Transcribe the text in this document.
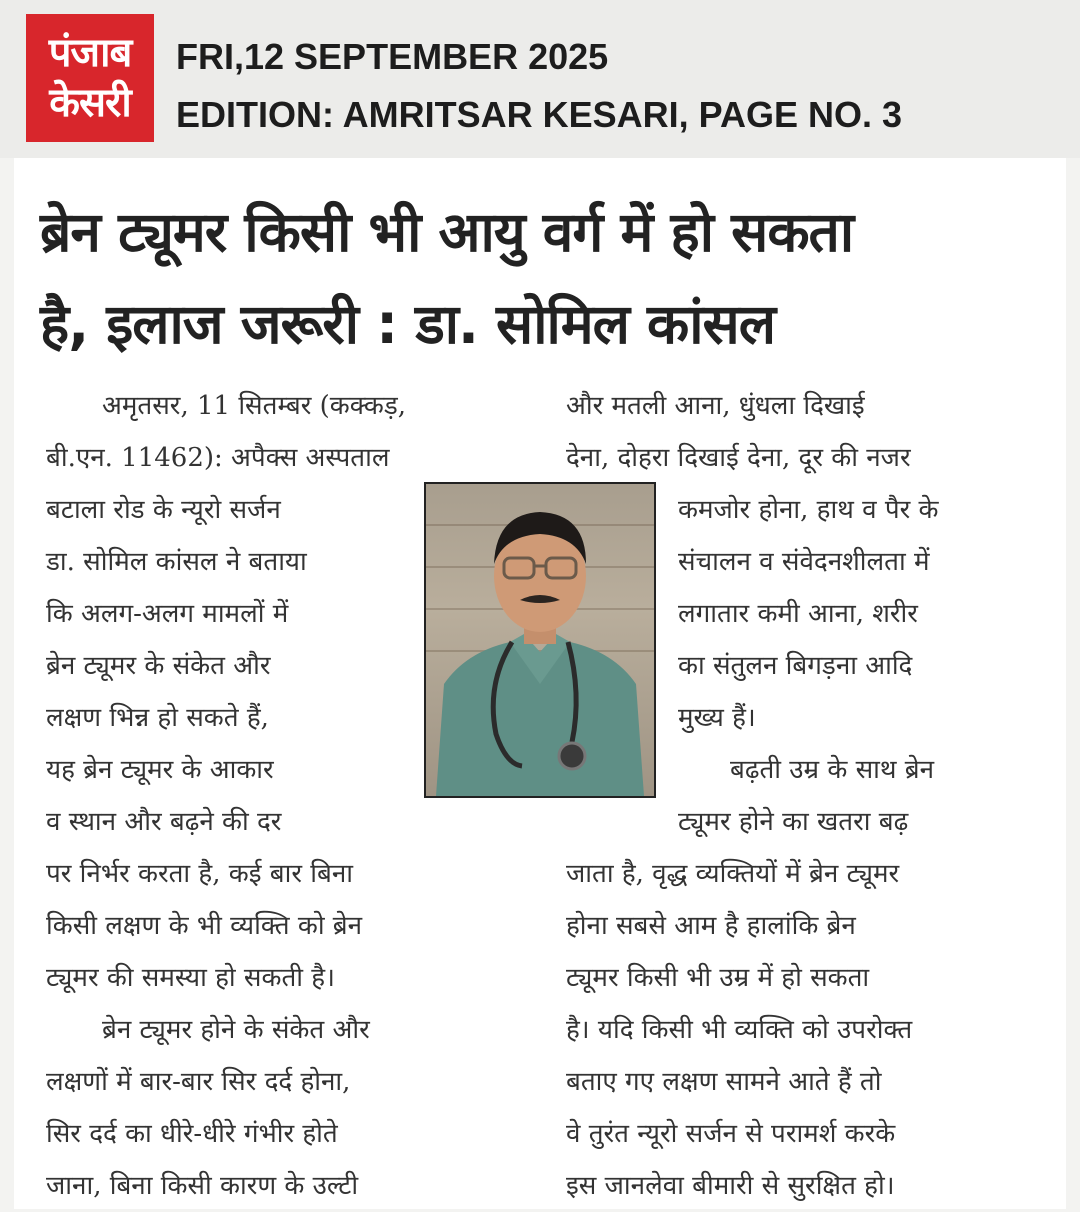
पंजाब
केसरी
FRI,12 SEPTEMBER 2025
EDITION: AMRITSAR KESARI, PAGE NO. 3
ब्रेन ट्यूमर किसी भी आयु वर्ग में हो सकता
है, इलाज जरूरी : डा. सोमिल कांसल
अमृतसर, 11 सितम्बर (कक्कड़,
बी.एन. 11462): अपैक्स अस्पताल
बटाला रोड के न्यूरो सर्जन
डा. सोमिल कांसल ने बताया
कि अलग-अलग मामलों में
ब्रेन ट्यूमर के संकेत और
लक्षण भिन्न हो सकते हैं,
यह ब्रेन ट्यूमर के आकार
व स्थान और बढ़ने की दर
पर निर्भर करता है, कई बार बिना
किसी लक्षण के भी व्यक्ति को ब्रेन
ट्यूमर की समस्या हो सकती है।
ब्रेन ट्यूमर होने के संकेत और
लक्षणों में बार-बार सिर दर्द होना,
सिर दर्द का धीरे-धीरे गंभीर होते
जाना, बिना किसी कारण के उल्टी
और मतली आना, धुंधला दिखाई
देना, दोहरा दिखाई देना, दूर की नजर
कमजोर होना, हाथ व पैर के
संचालन व संवेदनशीलता में
लगातार कमी आना, शरीर
का संतुलन बिगड़ना आदि
मुख्य हैं।
बढ़ती उम्र के साथ ब्रेन
ट्यूमर होने का खतरा बढ़
जाता है, वृद्ध व्यक्तियों में ब्रेन ट्यूमर
होना सबसे आम है हालांकि ब्रेन
ट्यूमर किसी भी उम्र में हो सकता
है। यदि किसी भी व्यक्ति को उपरोक्त
बताए गए लक्षण सामने आते हैं तो
वे तुरंत न्यूरो सर्जन से परामर्श करके
इस जानलेवा बीमारी से सुरक्षित हो।
